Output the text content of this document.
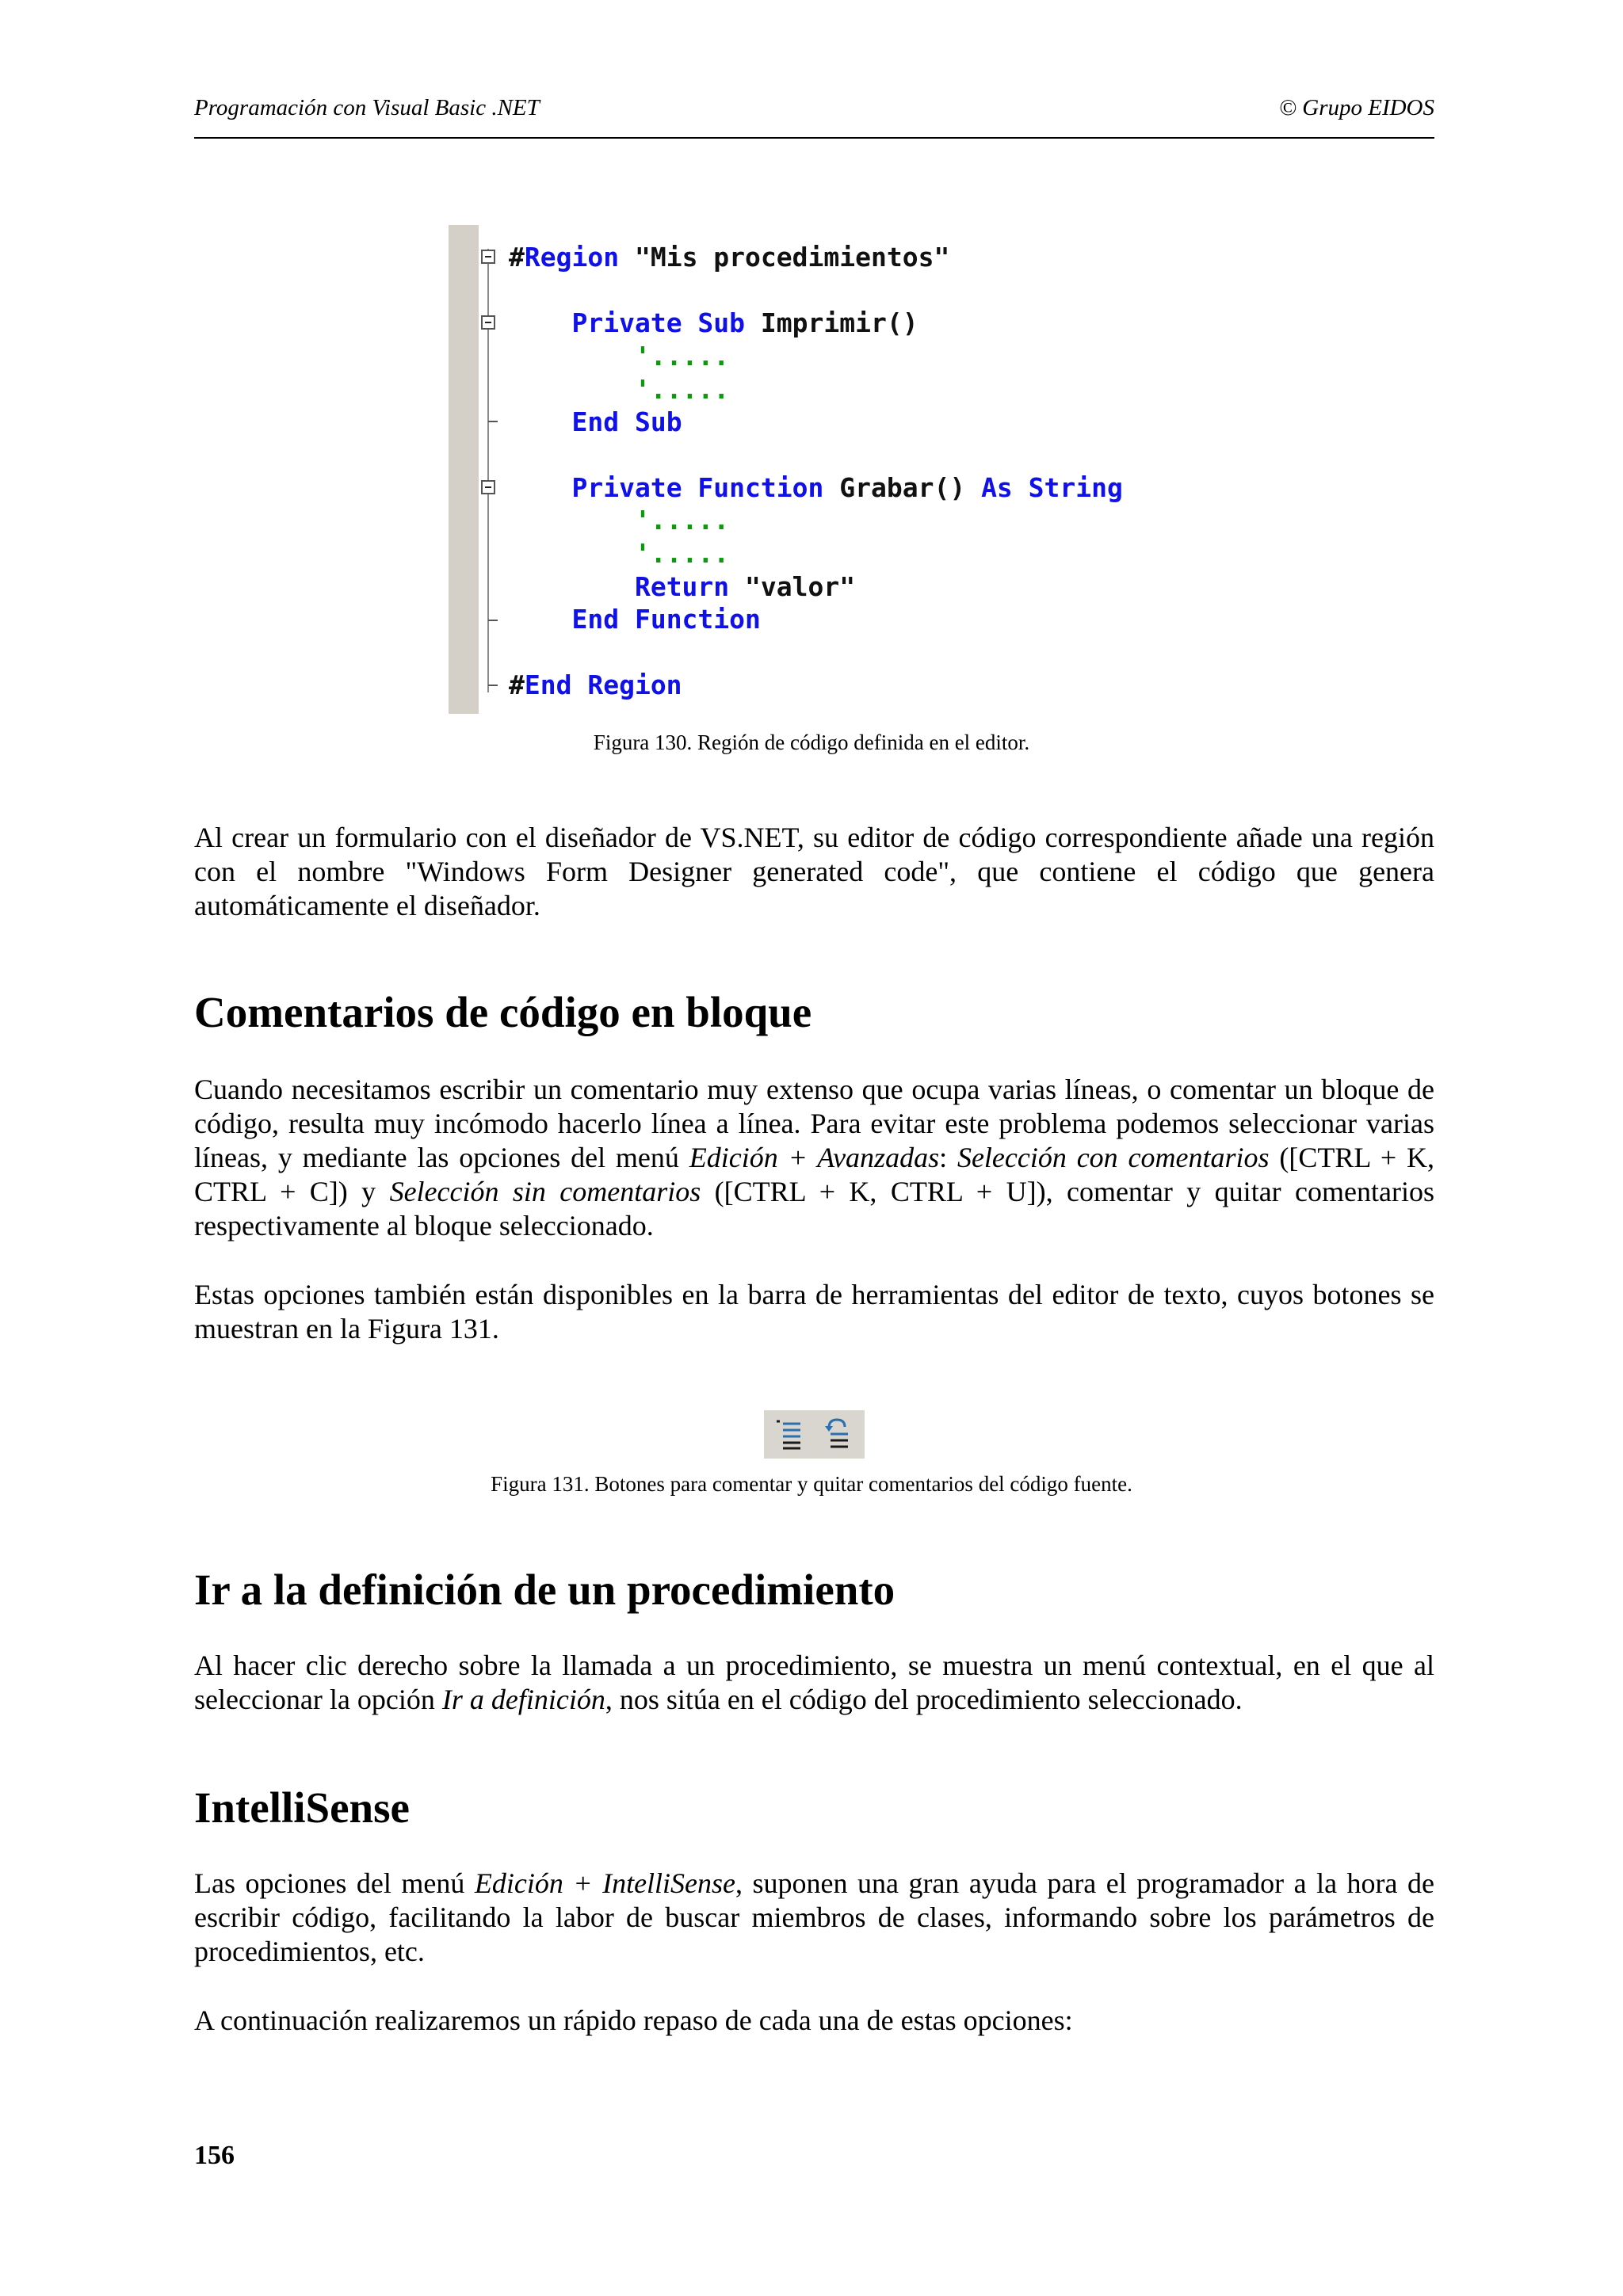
Programación con Visual Basic .NET	© Grupo EIDOS
#Region "Mis procedimientos"
Private Sub Imprimir()
'.....
'.....
End Sub
Private Function Grabar() As String
'.....
'.....
Return "valor"
End Function
#End Region
Figura 130. Región de código definida en el editor.

Al crear un formulario con el diseñador de VS.NET, su editor de código correspondiente añade una región con el nombre "Windows Form Designer generated code", que contiene el código que genera automáticamente el diseñador.

Comentarios de código en bloque

Cuando necesitamos escribir un comentario muy extenso que ocupa varias líneas, o comentar un bloque de código, resulta muy incómodo hacerlo línea a línea. Para evitar este problema podemos seleccionar varias líneas, y mediante las opciones del menú Edición + Avanzadas: Selección con comentarios ([CTRL + K, CTRL + C]) y Selección sin comentarios ([CTRL + K, CTRL + U]), comentar y quitar comentarios respectivamente al bloque seleccionado.

Estas opciones también están disponibles en la barra de herramientas del editor de texto, cuyos botones se muestran en la Figura 131.

Figura 131. Botones para comentar y quitar comentarios del código fuente.
Ir a la definición de un procedimiento

Al hacer clic derecho sobre la llamada a un procedimiento, se muestra un menú contextual, en el que al seleccionar la opción Ir a definición, nos sitúa en el código del procedimiento seleccionado.

IntelliSense

Las opciones del menú Edición + IntelliSense, suponen una gran ayuda para el programador a la hora de escribir código, facilitando la labor de buscar miembros de clases, informando sobre los parámetros de procedimientos, etc.

A continuación realizaremos un rápido repaso de cada una de estas opciones:

156
